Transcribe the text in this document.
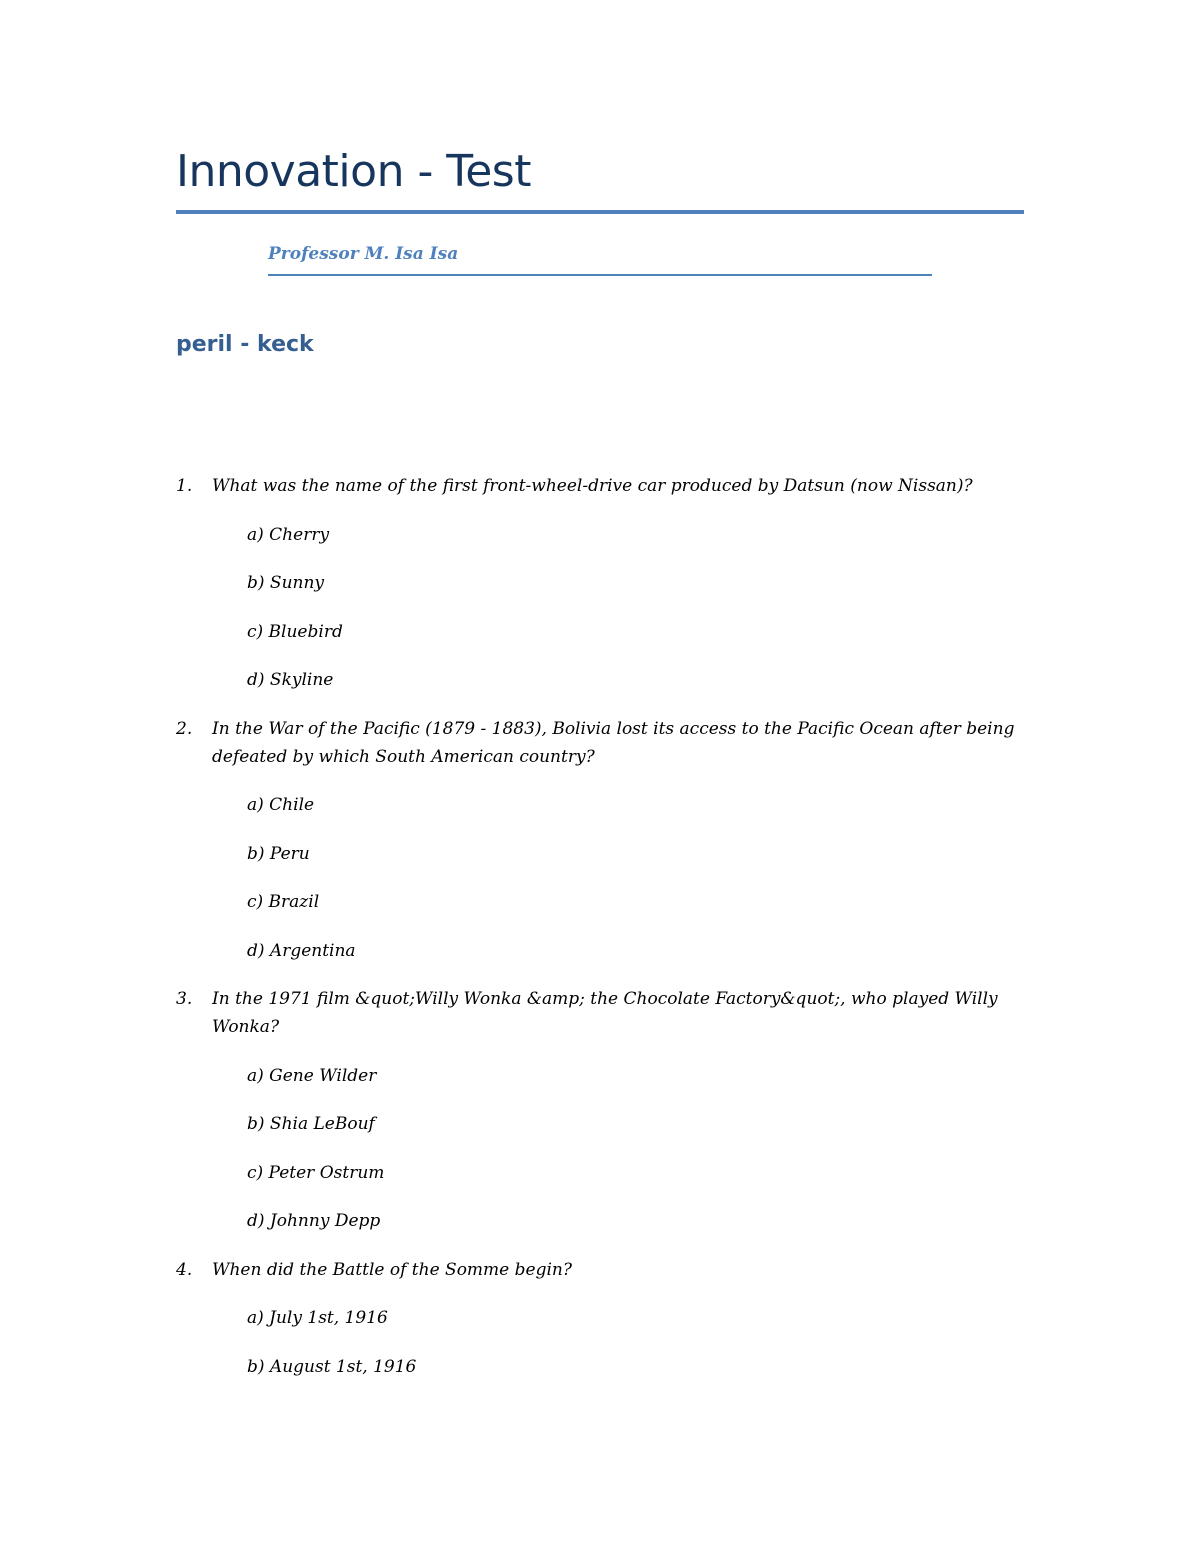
Innovation - Test
Professor M. Isa Isa
peril - keck
1. What was the name of the first front-wheel-drive car produced by Datsun (now Nissan)?
a) Cherry
b) Sunny
c) Bluebird
d) Skyline
2. In the War of the Pacific (1879 - 1883), Bolivia lost its access to the Pacific Ocean after being defeated by which South American country?
a) Chile
b) Peru
c) Brazil
d) Argentina
3. In the 1971 film &quot;Willy Wonka &amp; the Chocolate Factory&quot;, who played Willy Wonka?
a) Gene Wilder
b) Shia LeBouf
c) Peter Ostrum
d) Johnny Depp
4. When did the Battle of the Somme begin?
a) July 1st, 1916
b) August 1st, 1916
